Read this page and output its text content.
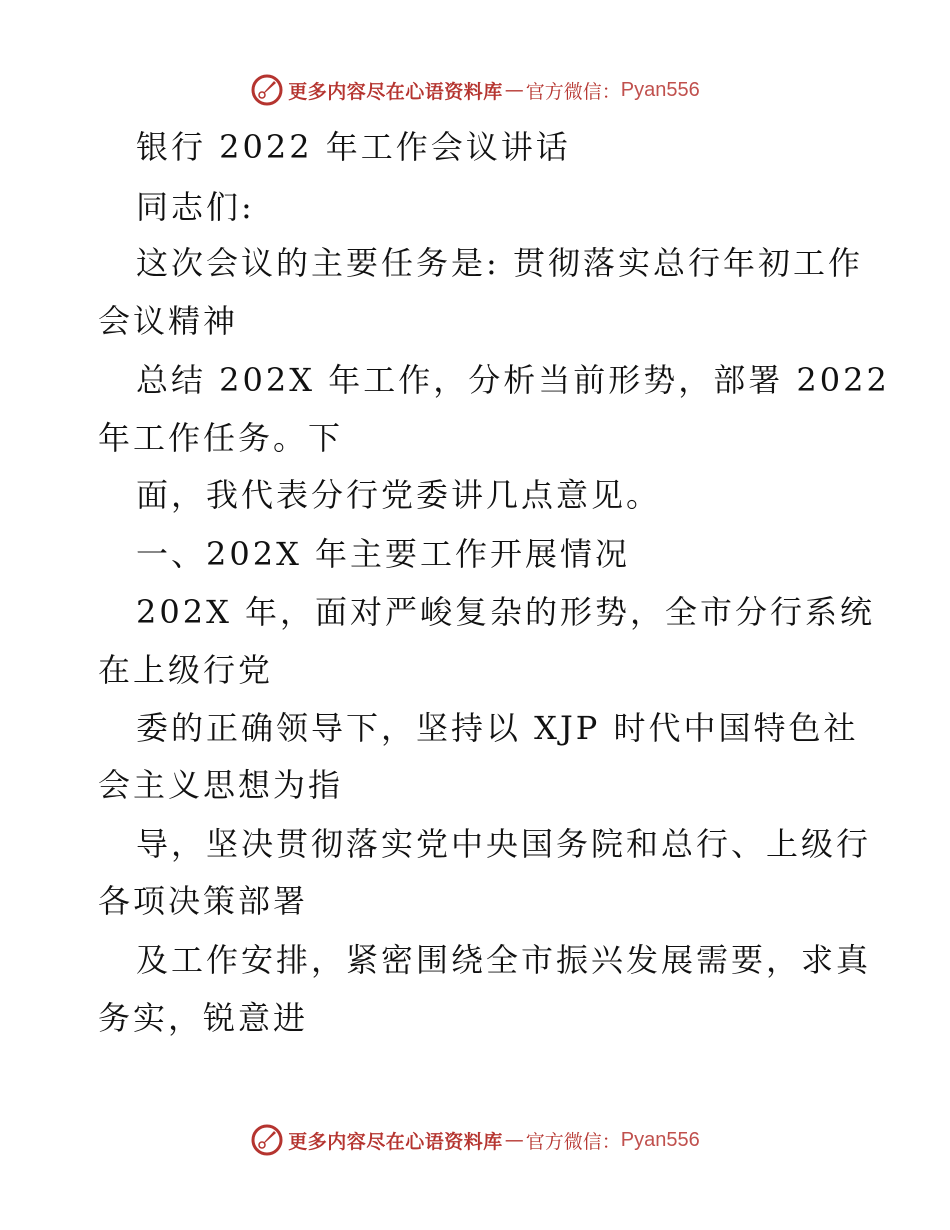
更多内容尽在心语资料库 — 官方微信： Pyan556
银行 2022 年工作会议讲话
同志们:
这次会议的主要任务是: 贯彻落实总行年初工作
会议精神
总结 202X 年工作，分析当前形势，部署 2022
年工作任务。下
面，我代表分行党委讲几点意见。
一、202X 年主要工作开展情况
202X 年，面对严峻复杂的形势，全市分行系统
在上级行党
委的正确领导下，坚持以 XJP 时代中国特色社
会主义思想为指
导，坚决贯彻落实党中央国务院和总行、上级行
各项决策部署
及工作安排，紧密围绕全市振兴发展需要，求真
务实，锐意进
更多内容尽在心语资料库 — 官方微信： Pyan556
